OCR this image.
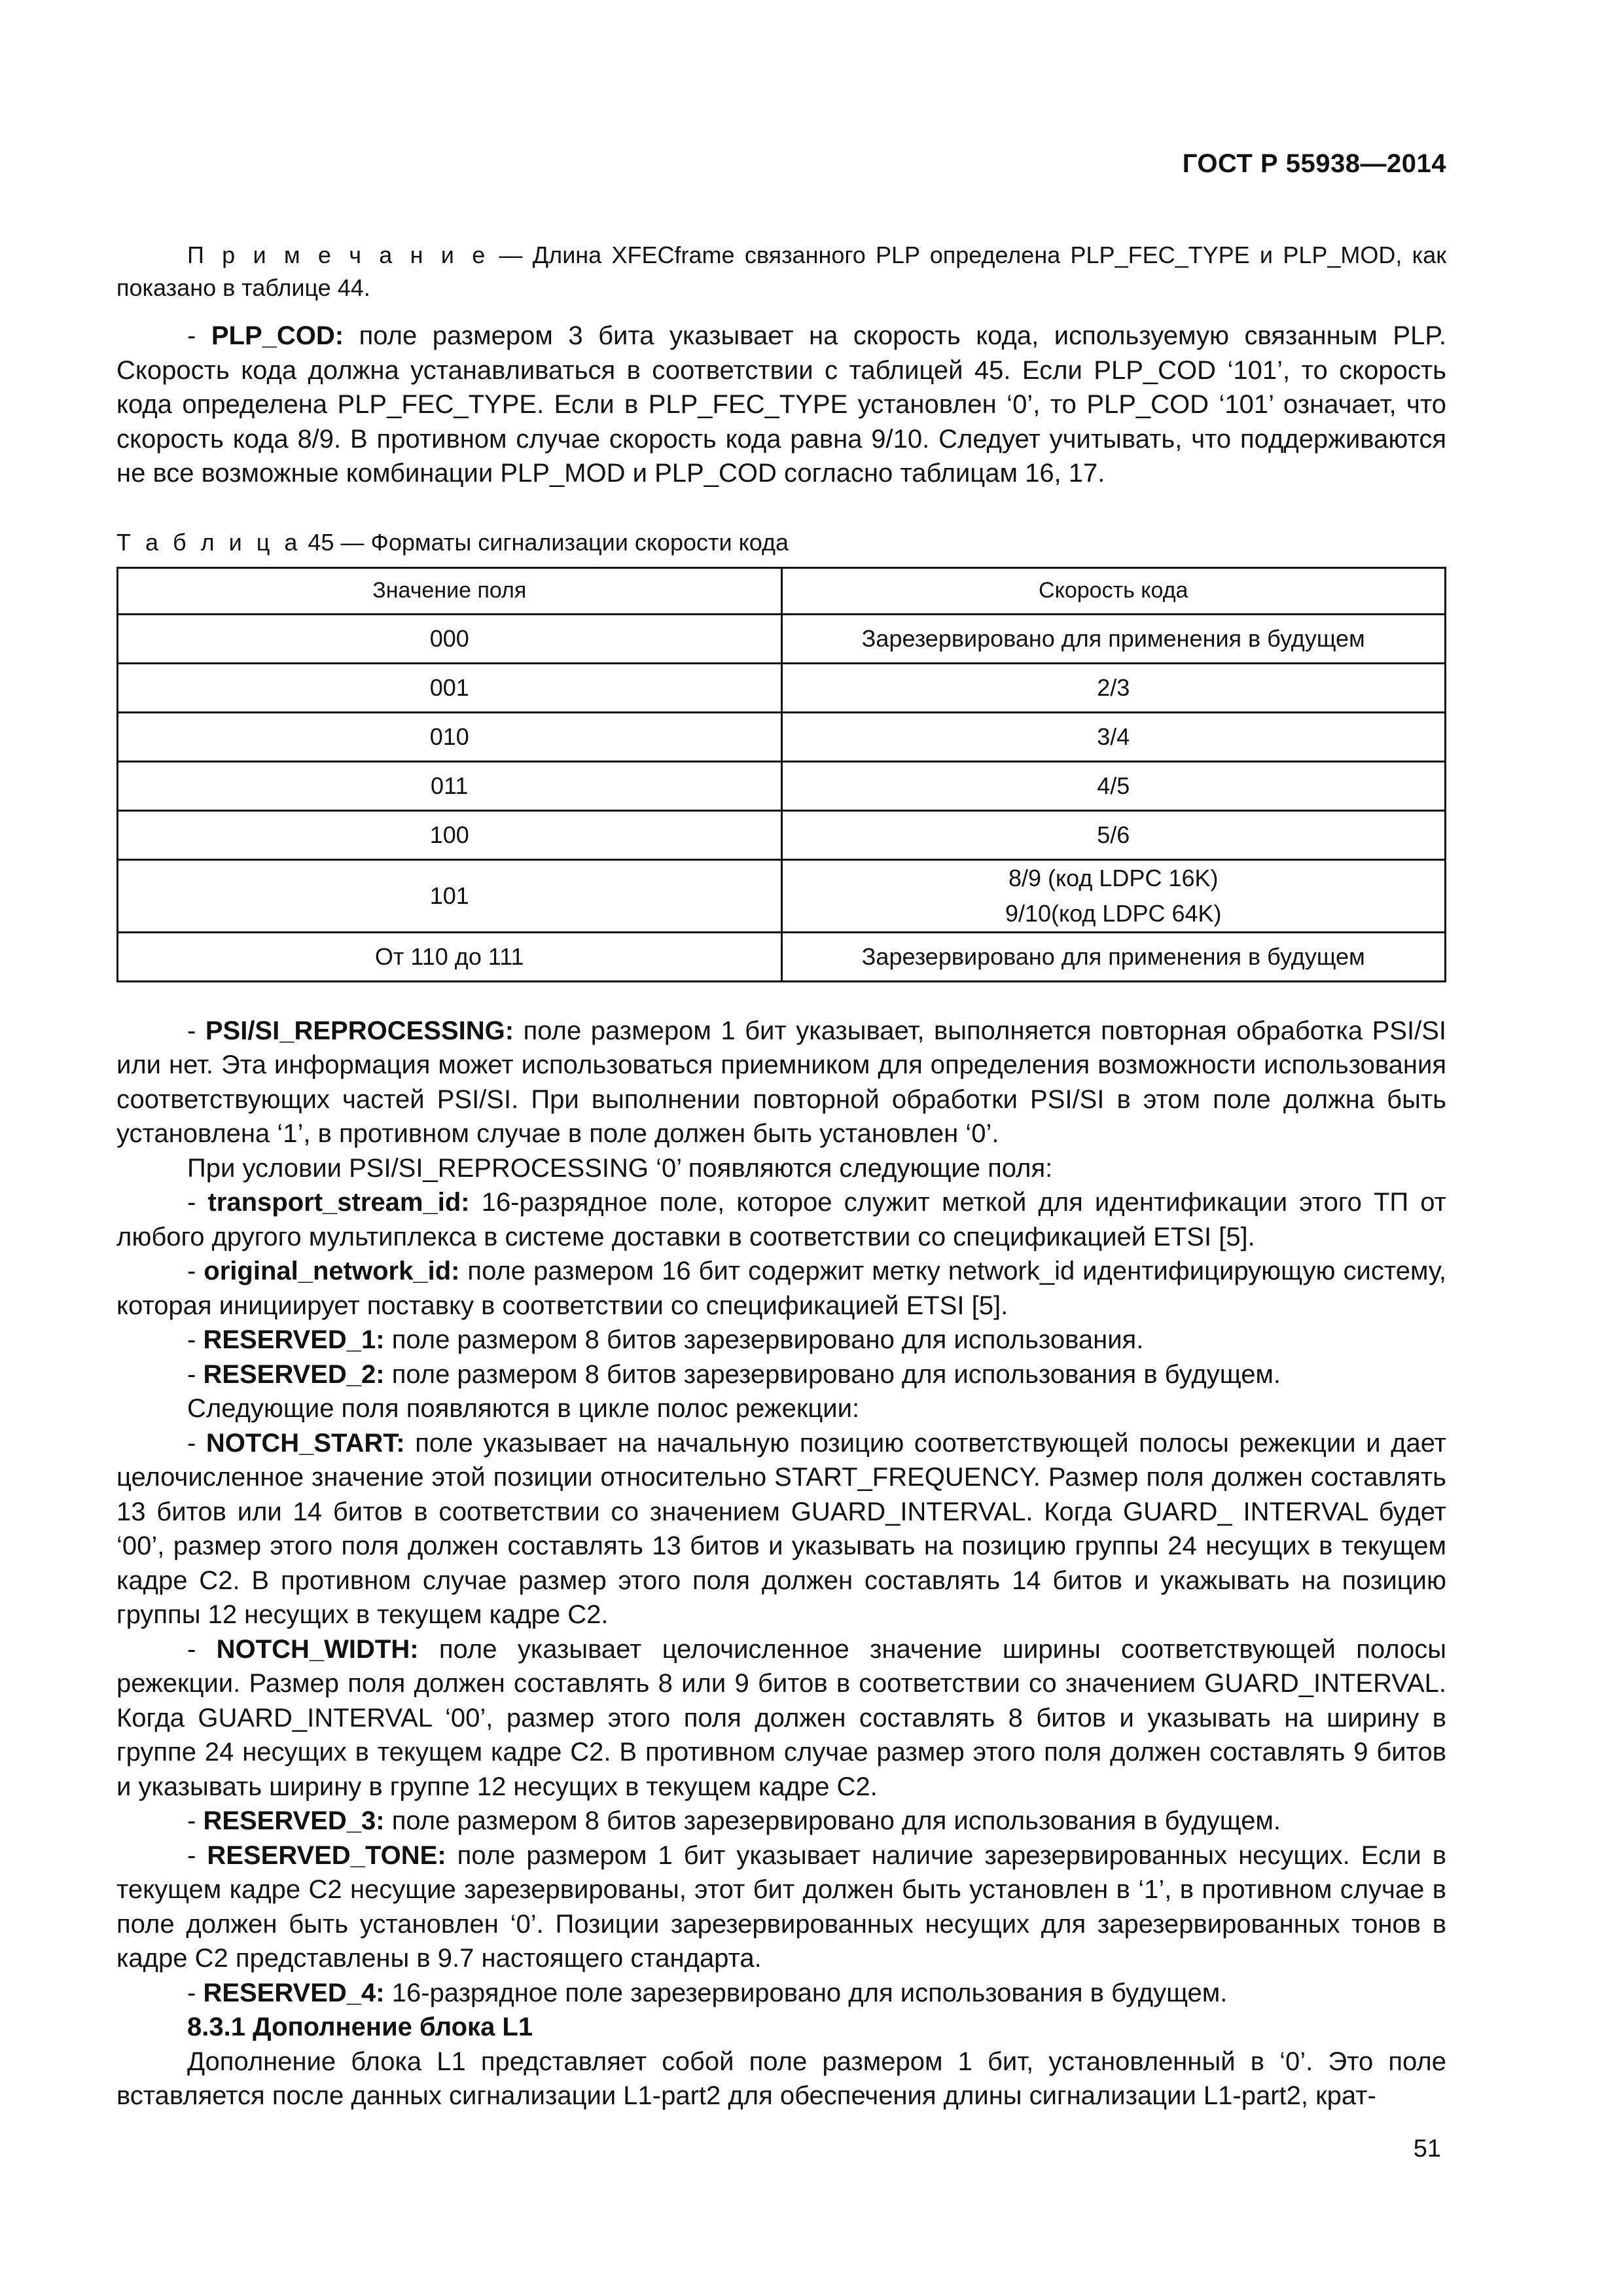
ГОСТ Р 55938—2014

П р и м е ч а н и е — Длина XFECframe связанного PLP определена PLP_FEC_TYPE и PLP_MOD, как показано в таблице 44.

- PLP_COD: поле размером 3 бита указывает на скорость кода, используемую связанным PLP. Скорость кода должна устанавливаться в соответствии с таблицей 45. Если PLP_COD ‘101’, то скорость кода определена PLP_FEC_TYPE. Если в PLP_FEC_TYPE установлен ‘0’, то PLP_COD ‘101’ означает, что скорость кода 8/9. В противном случае скорость кода равна 9/10. Следует учитывать, что поддерживаются не все возможные комбинации PLP_MOD и PLP_COD согласно таблицам 16, 17.

Т а б л и ц а 45 — Форматы сигнализации скорости кода
Значение поля	Скорость кода
000	Зарезервировано для применения в будущем
001	2/3
010	3/4
011	4/5
100	5/6
101	8/9 (код LDPC 16K)
9/10(код LDPC 64K)

От 110 до 111	Зарезервировано для применения в будущем

- PSI/SI_REPROCESSING: поле размером 1 бит указывает, выполняется повторная обработка PSI/SI или нет. Эта информация может использоваться приемником для определения возможности использования соответствующих частей PSI/SI. При выполнении повторной обработки PSI/SI в этом поле должна быть установлена ‘1’, в противном случае в поле должен быть установлен ‘0’.

При условии PSI/SI_REPROCESSING ‘0’ появляются следующие поля:

- transport_stream_id: 16-разрядное поле, которое служит меткой для идентификации этого ТП от любого другого мультиплекса в системе доставки в соответствии со спецификацией ETSI [5].

- original_network_id: поле размером 16 бит содержит метку network_id идентифицирующую систему, которая инициирует поставку в соответствии со спецификацией ETSI [5].

- RESERVED_1: поле размером 8 битов зарезервировано для использования.

- RESERVED_2: поле размером 8 битов зарезервировано для использования в будущем.

Следующие поля появляются в цикле полос режекции:

- NOTCH_START: поле указывает на начальную позицию соответствующей полосы режекции и дает целочисленное значение этой позиции относительно START_FREQUENCY. Размер поля должен составлять 13 битов или 14 битов в соответствии со значением GUARD_INTERVAL. Когда GUARD_ INTERVAL будет ‘00’, размер этого поля должен составлять 13 битов и указывать на позицию группы 24 несущих в текущем кадре С2. В противном случае размер этого поля должен составлять 14 битов и укажывать на позицию группы 12 несущих в текущем кадре С2.

- NOTCH_WIDTH: поле указывает целочисленное значение ширины соответствующей полосы режекции. Размер поля должен составлять 8 или 9 битов в соответствии со значением GUARD_INTERVAL. Когда GUARD_INTERVAL ‘00’, размер этого поля должен составлять 8 битов и указывать на ширину в группе 24 несущих в текущем кадре С2. В противном случае размер этого поля должен составлять 9 битов и указывать ширину в группе 12 несущих в текущем кадре С2.

- RESERVED_3: поле размером 8 битов зарезервировано для использования в будущем.

- RESERVED_TONE: поле размером 1 бит указывает наличие зарезервированных несущих. Если в текущем кадре С2 несущие зарезервированы, этот бит должен быть установлен в ‘1’, в противном случае в поле должен быть установлен ‘0’. Позиции зарезервированных несущих для зарезервированных тонов в кадре С2 представлены в 9.7 настоящего стандарта.

- RESERVED_4: 16-разрядное поле зарезервировано для использования в будущем.

8.3.1 Дополнение блока L1

Дополнение блока L1 представляет собой поле размером 1 бит, установленный в ‘0’. Это поле вставляется после данных сигнализации L1-part2 для обеспечения длины сигнализации L1-part2, крат-

51
